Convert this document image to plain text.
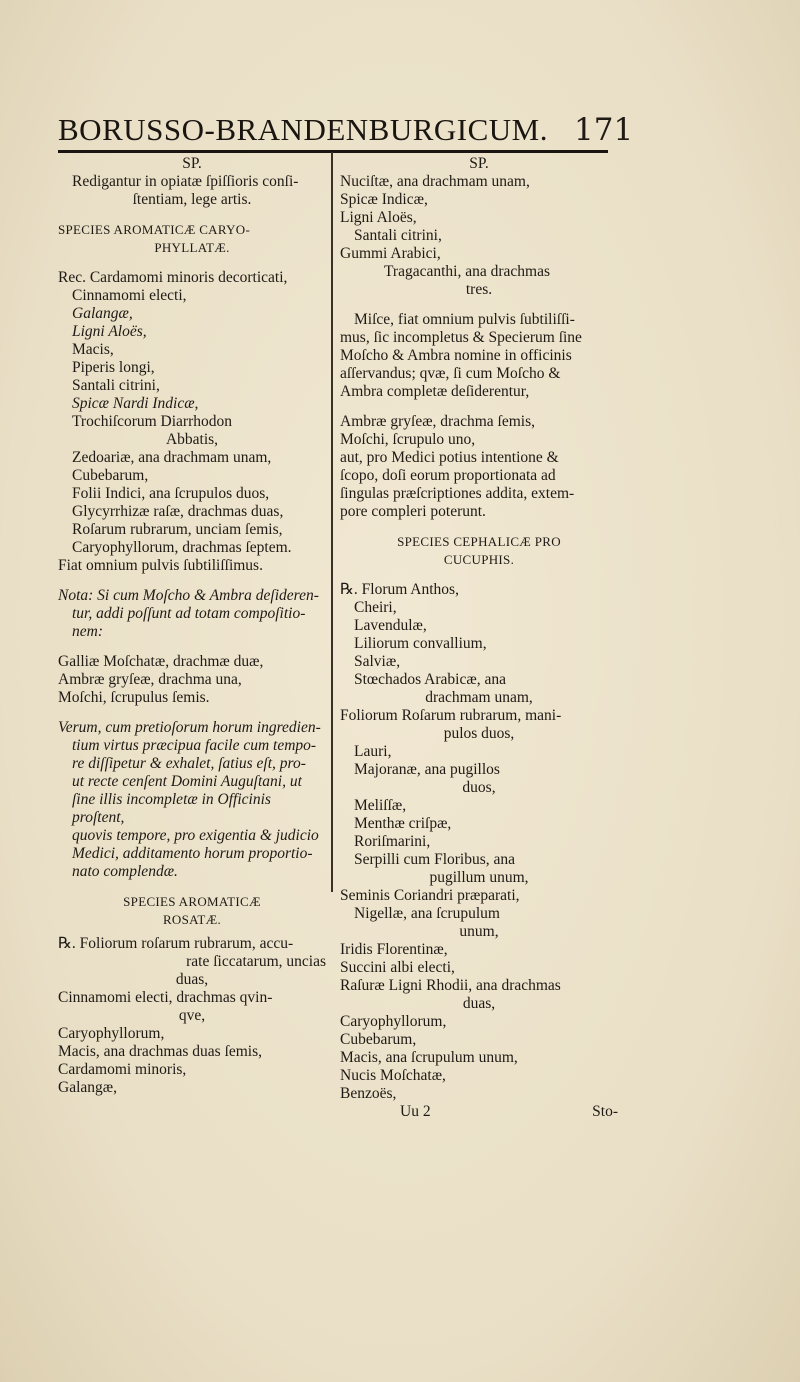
BORUSSO-BRANDENBURGICUM. 171

SP.

Redigantur in opiatæ ſpiſſioris conſi-

ſtentiam, lege artis.

SPECIES AROMATICÆ CARYO-

PHYLLATÆ.

Rec. Cardamomi minoris decorticati,

Cinnamomi electi,

Galangæ,

Ligni Aloës,

Macis,

Piperis longi,

Santali citrini,

Spicæ Nardi Indicæ,

Trochiſcorum Diarrhodon

Abbatis,

Zedoariæ, ana drachmam unam,

Cubebarum,

Folii Indici, ana ſcrupulos duos,

Glycyrrhizæ raſæ, drachmas duas,

Roſarum rubrarum, unciam ſemis,

Caryophyllorum, drachmas ſeptem.

Fiat omnium pulvis ſubtiliſſimus.

Nota: Si cum Moſcho & Ambra deſideren-

tur, addi poſſunt ad totam compoſitio-

nem:

Galliæ Moſchatæ, drachmæ duæ,

Ambræ gryſeæ, drachma una,

Moſchi, ſcrupulus ſemis.

Verum, cum pretioſorum horum ingredien-

tium virtus præcipua facile cum tempo-

re diſſipetur & exhalet, ſatius eſt, pro-

ut recte cenſent Domini Auguſtani, ut

ſine illis incompletæ in Officinis proſtent,

quovis tempore, pro exigentia & judicio

Medici, additamento horum proportio-

nato complendæ.

SPECIES AROMATICÆ

ROSATÆ.

℞. Foliorum roſarum rubrarum, accu-

rate ſiccatarum, uncias

duas,

Cinnamomi electi, drachmas qvin-

qve,

Caryophyllorum,

Macis, ana drachmas duas ſemis,

Cardamomi minoris,

Galangæ,

SP.

Nuciſtæ, ana drachmam unam,

Spicæ Indicæ,

Ligni Aloës,

Santali citrini,

Gummi Arabici,

Tragacanthi, ana drachmas

tres.

Miſce, fiat omnium pulvis ſubtiliſſi-

mus, ſic incompletus & Specierum ſine

Moſcho & Ambra nomine in officinis

aſſervandus; qvæ, ſi cum Moſcho &

Ambra completæ deſiderentur,

Ambræ gryſeæ, drachma ſemis,

Moſchi, ſcrupulo uno,

aut, pro Medici potius intentione &

ſcopo, doſi eorum proportionata ad

ſingulas præſcriptiones addita, extem-

pore compleri poterunt.

SPECIES CEPHALICÆ PRO

CUCUPHIS.

℞. Florum Anthos,

Cheiri,

Lavendulæ,

Liliorum convallium,

Salviæ,

Stœchados Arabicæ, ana

drachmam unam,

Foliorum Roſarum rubrarum, mani-

pulos duos,

Lauri,

Majoranæ, ana pugillos

duos,

Meliſſæ,

Menthæ criſpæ,

Roriſmarini,

Serpilli cum Floribus, ana

pugillum unum,

Seminis Coriandri præparati,

Nigellæ, ana ſcrupulum

unum,

Iridis Florentinæ,

Succini albi electi,

Raſuræ Ligni Rhodii, ana drachmas

duas,

Caryophyllorum,

Cubebarum,

Macis, ana ſcrupulum unum,

Nucis Moſchatæ,

Benzoës,

Uu 2	Sto-
